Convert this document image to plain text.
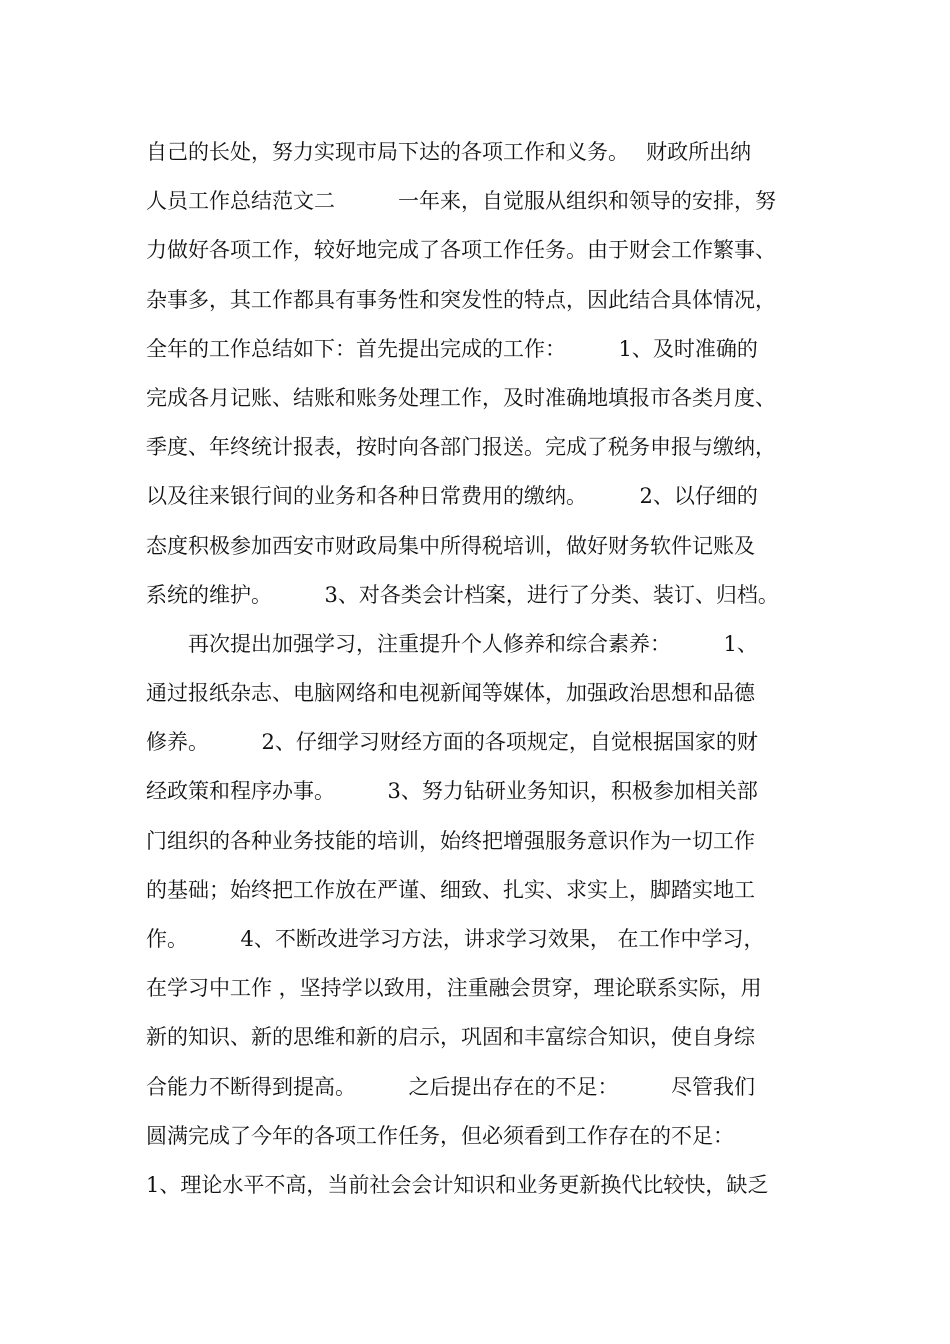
自己的长处，努力实现市局下达的各项工作和义务。　 财政所出纳
人员工作总结范文二　　　一年来，自觉服从组织和领导的安排，努
力做好各项工作，较好地完成了各项工作任务。由于财会工作繁事、
杂事多，其工作都具有事务性和突发性的特点，因此结合具体情况，
全年的工作总结如下：首先提出完成的工作：　　　1、及时准确的
完成各月记账、结账和账务处理工作，及时准确地填报市各类月度、
季度、年终统计报表，按时向各部门报送。完成了税务申报与缴纳，
以及往来银行间的业务和各种日常费用的缴纳。　　　2、以仔细的
态度积极参加西安市财政局集中所得税培训，做好财务软件记账及
系统的维护。　　　3、对各类会计档案，进行了分类、装订、归档。
　　再次提出加强学习，注重提升个人修养和综合素养：　　　1、
通过报纸杂志、电脑网络和电视新闻等媒体，加强政治思想和品德
修养。　　　2、仔细学习财经方面的各项规定，自觉根据国家的财
经政策和程序办事。　　　3、努力钻研业务知识，积极参加相关部
门组织的各种业务技能的培训，始终把增强服务意识作为一切工作
的基础；始终把工作放在严谨、细致、扎实、求实上，脚踏实地工
作。　　　4、不断改进学习方法，讲求学习效果， 在工作中学习，
在学习中工作 ，坚持学以致用，注重融会贯穿，理论联系实际，用
新的知识、新的思维和新的启示，巩固和丰富综合知识，使自身综
合能力不断得到提高。　　　之后提出存在的不足：　　　尽管我们
圆满完成了今年的各项工作任务，但必须看到工作存在的不足：
1、理论水平不高，当前社会会计知识和业务更新换代比较快，缺乏
